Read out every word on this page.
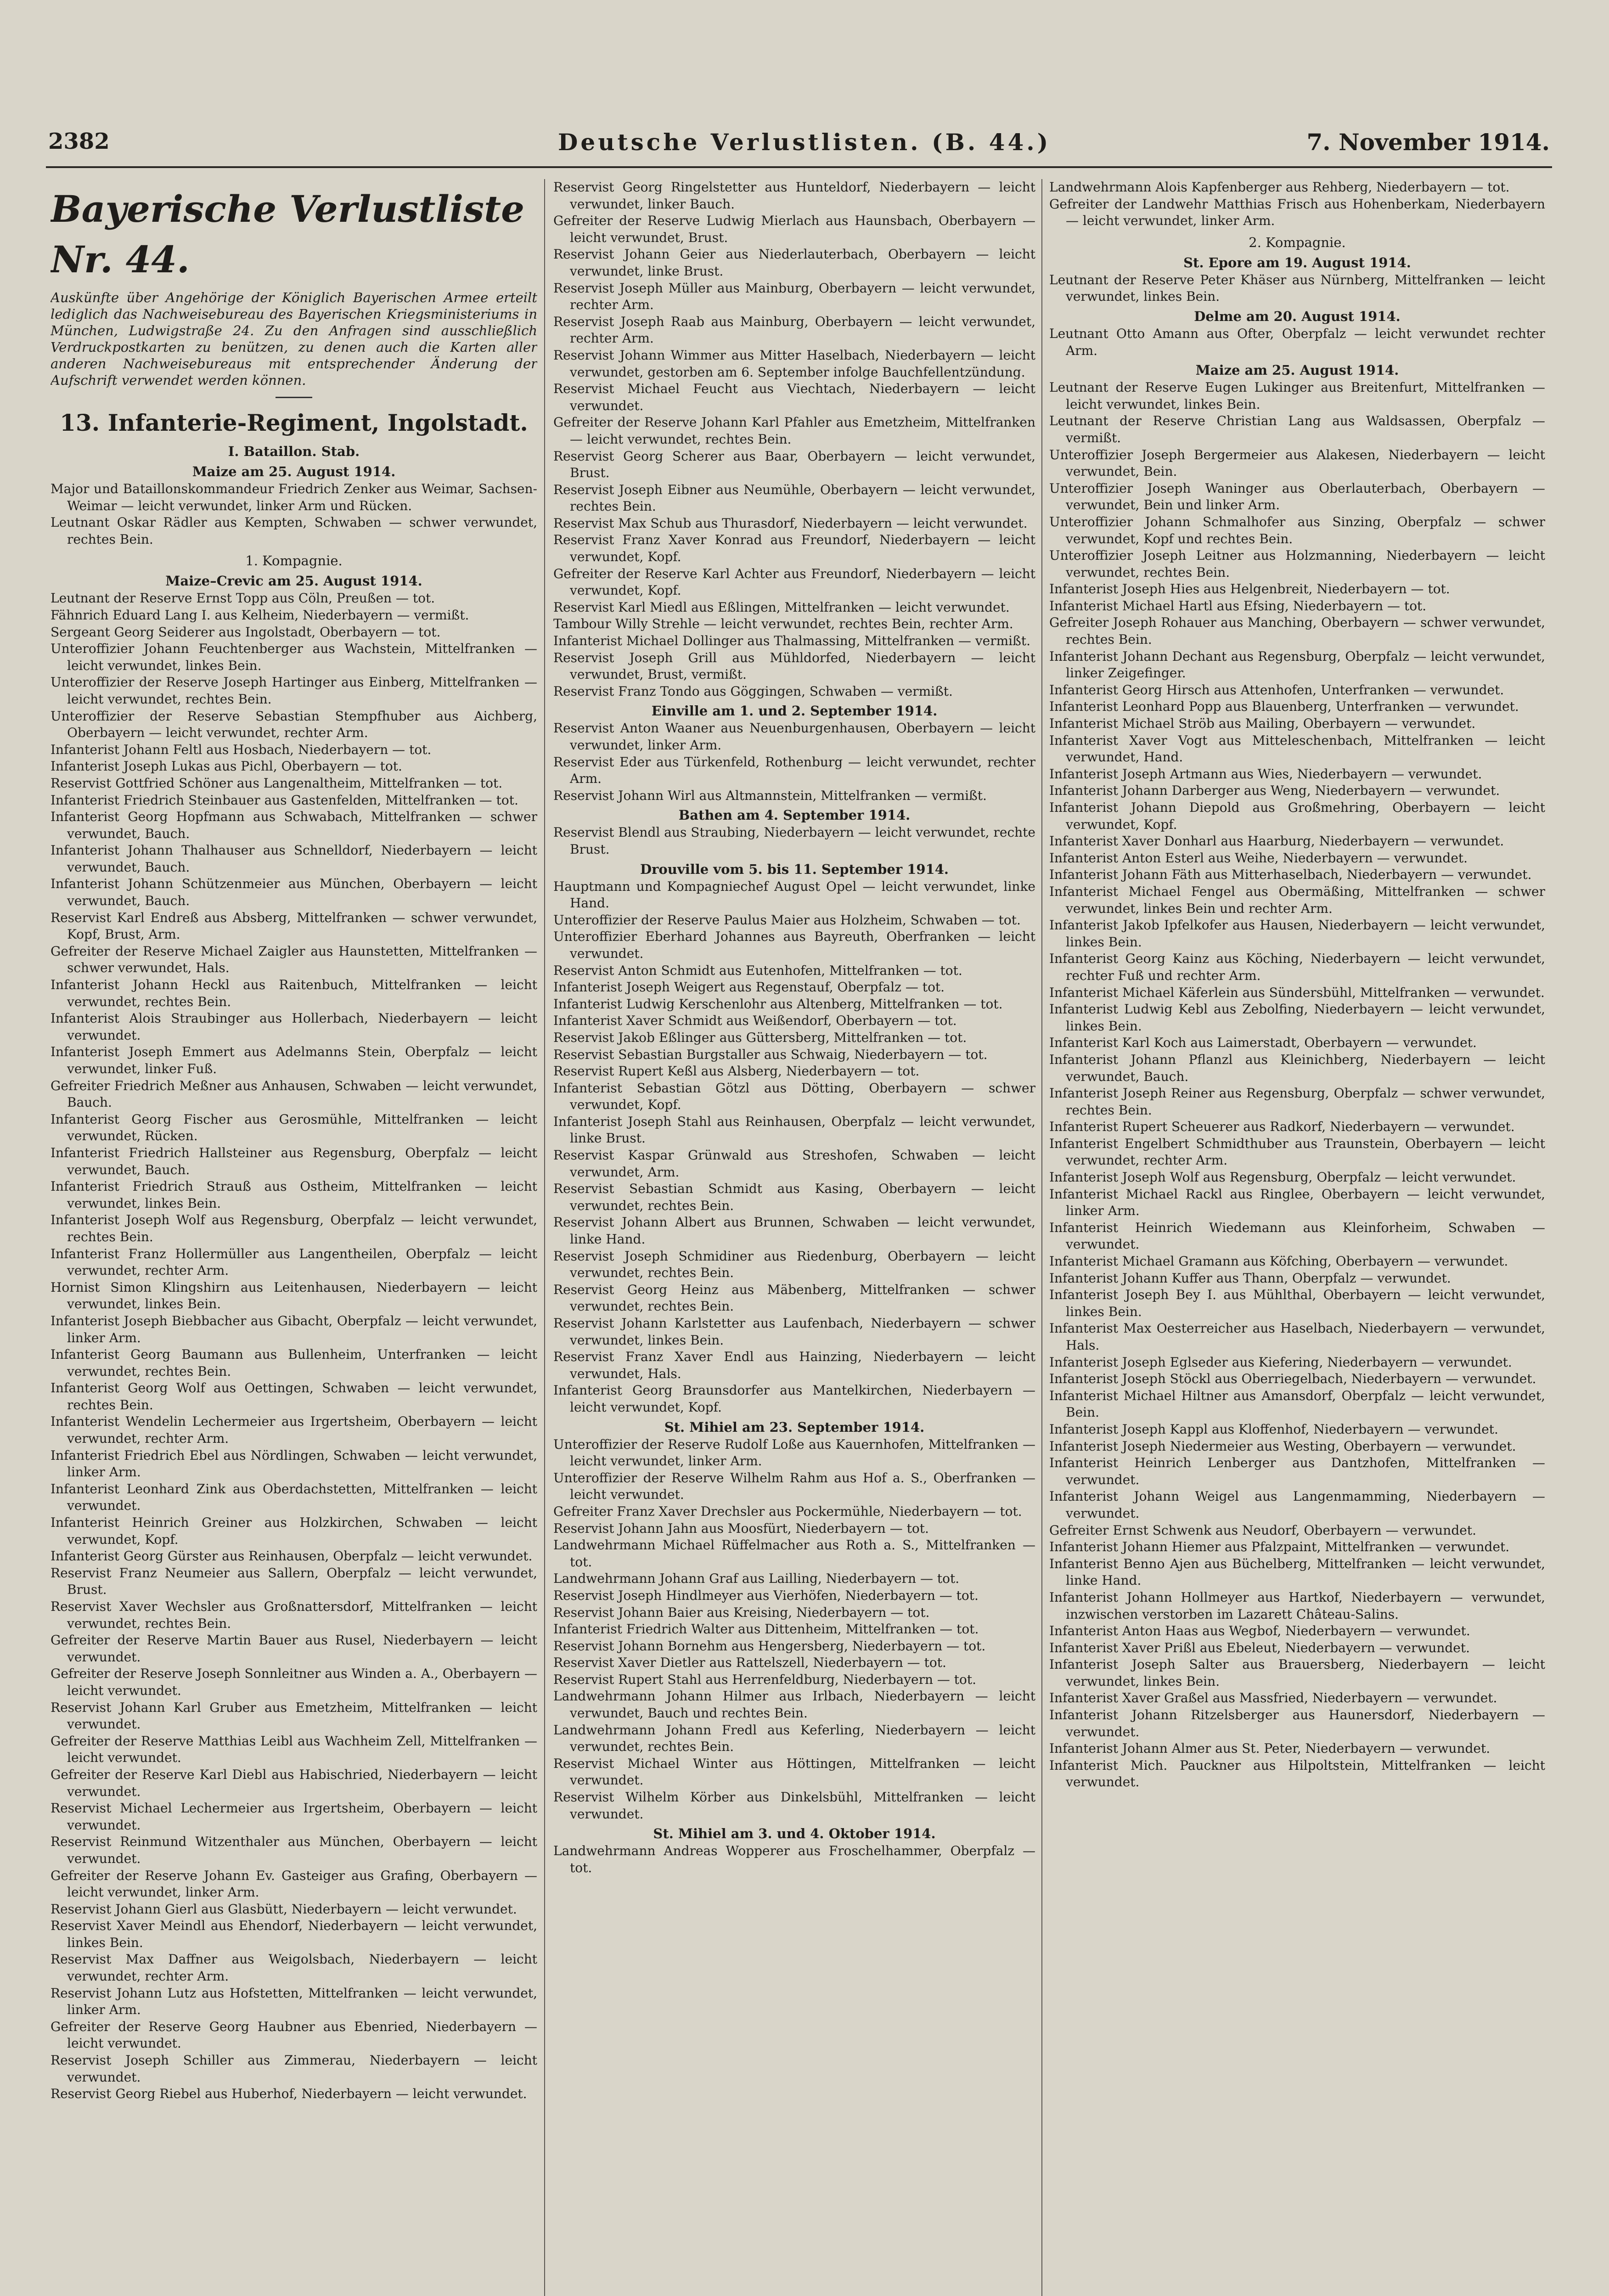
2382	Deutsche Verlustlisten. (B. 44.)	7. November 1914.
Bayerische Verlustliste Nr. 44.
Auskünfte über Angehörige der Königlich Bayerischen Armee erteilt lediglich das Nachweisebureau des Bayerischen Kriegsministeriums in München, Ludwigstraße 24. Zu den Anfragen sind ausschließlich Verdruckpostkarten zu benützen, zu denen auch die Karten aller anderen Nachweisebureaus mit entsprechender Änderung der Aufschrift verwendet werden können.
13. Infanterie-Regiment, Ingolstadt.
I. Bataillon. Stab.
Maize am 25. August 1914.

Major und Bataillonskommandeur Friedrich Zenker aus Weimar, Sachsen-Weimar — leicht verwundet, linker Arm und Rücken.

Leutnant Oskar Rädler aus Kempten, Schwaben — schwer verwundet, rechtes Bein.

1. Kompagnie.
Maize–Crevic am 25. August 1914.

Leutnant der Reserve Ernst Topp aus Cöln, Preußen — tot.

Fähnrich Eduard Lang I. aus Kelheim, Niederbayern — vermißt.

Sergeant Georg Seiderer aus Ingolstadt, Oberbayern — tot.

Unteroffizier Johann Feuchtenberger aus Wachstein, Mittelfranken — leicht verwundet, linkes Bein.

Unteroffizier der Reserve Joseph Hartinger aus Einberg, Mittelfranken — leicht verwundet, rechtes Bein.

Unteroffizier der Reserve Sebastian Stempfhuber aus Aichberg, Oberbayern — leicht verwundet, rechter Arm.

Infanterist Johann Feltl aus Hosbach, Niederbayern — tot.

Infanterist Joseph Lukas aus Pichl, Oberbayern — tot.

Reservist Gottfried Schöner aus Langenaltheim, Mittelfranken — tot.

Infanterist Friedrich Steinbauer aus Gastenfelden, Mittelfranken — tot.

Infanterist Georg Hopfmann aus Schwabach, Mittelfranken — schwer verwundet, Bauch.

Infanterist Johann Thalhauser aus Schnelldorf, Niederbayern — leicht verwundet, Bauch.

Infanterist Johann Schützenmeier aus München, Oberbayern — leicht verwundet, Bauch.

Reservist Karl Endreß aus Absberg, Mittelfranken — schwer verwundet, Kopf, Brust, Arm.

Gefreiter der Reserve Michael Zaigler aus Haunstetten, Mittelfranken — schwer verwundet, Hals.

Infanterist Johann Heckl aus Raitenbuch, Mittelfranken — leicht verwundet, rechtes Bein.

Infanterist Alois Straubinger aus Hollerbach, Niederbayern — leicht verwundet.

Infanterist Joseph Emmert aus Adelmanns Stein, Oberpfalz — leicht verwundet, linker Fuß.

Gefreiter Friedrich Meßner aus Anhausen, Schwaben — leicht verwundet, Bauch.

Infanterist Georg Fischer aus Gerosmühle, Mittelfranken — leicht verwundet, Rücken.

Infanterist Friedrich Hallsteiner aus Regensburg, Oberpfalz — leicht verwundet, Bauch.

Infanterist Friedrich Strauß aus Ostheim, Mittelfranken — leicht verwundet, linkes Bein.

Infanterist Joseph Wolf aus Regensburg, Oberpfalz — leicht verwundet, rechtes Bein.

Infanterist Franz Hollermüller aus Langentheilen, Oberpfalz — leicht verwundet, rechter Arm.

Hornist Simon Klingshirn aus Leitenhausen, Niederbayern — leicht verwundet, linkes Bein.

Infanterist Joseph Biebbacher aus Gibacht, Oberpfalz — leicht verwundet, linker Arm.

Infanterist Georg Baumann aus Bullenheim, Unterfranken — leicht verwundet, rechtes Bein.

Infanterist Georg Wolf aus Oettingen, Schwaben — leicht verwundet, rechtes Bein.

Infanterist Wendelin Lechermeier aus Irgertsheim, Oberbayern — leicht verwundet, rechter Arm.

Infanterist Friedrich Ebel aus Nördlingen, Schwaben — leicht verwundet, linker Arm.

Infanterist Leonhard Zink aus Oberdachstetten, Mittelfranken — leicht verwundet.

Infanterist Heinrich Greiner aus Holzkirchen, Schwaben — leicht verwundet, Kopf.

Infanterist Georg Gürster aus Reinhausen, Oberpfalz — leicht verwundet.

Reservist Franz Neumeier aus Sallern, Oberpfalz — leicht verwundet, Brust.

Reservist Xaver Wechsler aus Großnattersdorf, Mittelfranken — leicht verwundet, rechtes Bein.

Gefreiter der Reserve Martin Bauer aus Rusel, Niederbayern — leicht verwundet.

Gefreiter der Reserve Joseph Sonnleitner aus Winden a. A., Oberbayern — leicht verwundet.

Reservist Johann Karl Gruber aus Emetzheim, Mittelfranken — leicht verwundet.

Gefreiter der Reserve Matthias Leibl aus Wachheim Zell, Mittelfranken — leicht verwundet.

Gefreiter der Reserve Karl Diebl aus Habischried, Niederbayern — leicht verwundet.

Reservist Michael Lechermeier aus Irgertsheim, Oberbayern — leicht verwundet.

Reservist Reinmund Witzenthaler aus München, Oberbayern — leicht verwundet.

Gefreiter der Reserve Johann Ev. Gasteiger aus Grafing, Oberbayern — leicht verwundet, linker Arm.

Reservist Johann Gierl aus Glasbütt, Niederbayern — leicht verwundet.

Reservist Xaver Meindl aus Ehendorf, Niederbayern — leicht verwundet, linkes Bein.

Reservist Max Daffner aus Weigolsbach, Niederbayern — leicht verwundet, rechter Arm.

Reservist Johann Lutz aus Hofstetten, Mittelfranken — leicht verwundet, linker Arm.

Gefreiter der Reserve Georg Haubner aus Ebenried, Niederbayern — leicht verwundet.

Reservist Joseph Schiller aus Zimmerau, Niederbayern — leicht verwundet.

Reservist Georg Riebel aus Huberhof, Niederbayern — leicht verwundet.

Reservist Georg Ringelstetter aus Hunteldorf, Niederbayern — leicht verwundet, linker Bauch.

Gefreiter der Reserve Ludwig Mierlach aus Haunsbach, Oberbayern — leicht verwundet, Brust.

Reservist Johann Geier aus Niederlauterbach, Oberbayern — leicht verwundet, linke Brust.

Reservist Joseph Müller aus Mainburg, Oberbayern — leicht verwundet, rechter Arm.

Reservist Joseph Raab aus Mainburg, Oberbayern — leicht verwundet, rechter Arm.

Reservist Johann Wimmer aus Mitter Haselbach, Niederbayern — leicht verwundet, gestorben am 6. September infolge Bauchfellentzündung.

Reservist Michael Feucht aus Viechtach, Niederbayern — leicht verwundet.

Gefreiter der Reserve Johann Karl Pfahler aus Emetzheim, Mittelfranken — leicht verwundet, rechtes Bein.

Reservist Georg Scherer aus Baar, Oberbayern — leicht verwundet, Brust.

Reservist Joseph Eibner aus Neumühle, Oberbayern — leicht verwundet, rechtes Bein.

Reservist Max Schub aus Thurasdorf, Niederbayern — leicht verwundet.

Reservist Franz Xaver Konrad aus Freundorf, Niederbayern — leicht verwundet, Kopf.

Gefreiter der Reserve Karl Achter aus Freundorf, Niederbayern — leicht verwundet, Kopf.

Reservist Karl Miedl aus Eßlingen, Mittelfranken — leicht verwundet.

Tambour Willy Strehle — leicht verwundet, rechtes Bein, rechter Arm.

Infanterist Michael Dollinger aus Thalmassing, Mittelfranken — vermißt.

Reservist Joseph Grill aus Mühldorfed, Niederbayern — leicht verwundet, Brust, vermißt.

Reservist Franz Tondo aus Göggingen, Schwaben — vermißt.

Einville am 1. und 2. September 1914.

Reservist Anton Waaner aus Neuenburgenhausen, Oberbayern — leicht verwundet, linker Arm.

Reservist Eder aus Türkenfeld, Rothenburg — leicht verwundet, rechter Arm.

Reservist Johann Wirl aus Altmannstein, Mittelfranken — vermißt.

Bathen am 4. September 1914.

Reservist Blendl aus Straubing, Niederbayern — leicht verwundet, rechte Brust.

Drouville vom 5. bis 11. September 1914.

Hauptmann und Kompagniechef August Opel — leicht verwundet, linke Hand.

Unteroffizier der Reserve Paulus Maier aus Holzheim, Schwaben — tot.

Unteroffizier Eberhard Johannes aus Bayreuth, Oberfranken — leicht verwundet.

Reservist Anton Schmidt aus Eutenhofen, Mittelfranken — tot.

Infanterist Joseph Weigert aus Regenstauf, Oberpfalz — tot.

Infanterist Ludwig Kerschenlohr aus Altenberg, Mittelfranken — tot.

Infanterist Xaver Schmidt aus Weißendorf, Oberbayern — tot.

Reservist Jakob Eßlinger aus Güttersberg, Mittelfranken — tot.

Reservist Sebastian Burgstaller aus Schwaig, Niederbayern — tot.

Reservist Rupert Keßl aus Alsberg, Niederbayern — tot.

Infanterist Sebastian Götzl aus Dötting, Oberbayern — schwer verwundet, Kopf.

Infanterist Joseph Stahl aus Reinhausen, Oberpfalz — leicht verwundet, linke Brust.

Reservist Kaspar Grünwald aus Streshofen, Schwaben — leicht verwundet, Arm.

Reservist Sebastian Schmidt aus Kasing, Oberbayern — leicht verwundet, rechtes Bein.

Reservist Johann Albert aus Brunnen, Schwaben — leicht verwundet, linke Hand.

Reservist Joseph Schmidiner aus Riedenburg, Oberbayern — leicht verwundet, rechtes Bein.

Reservist Georg Heinz aus Mäbenberg, Mittelfranken — schwer verwundet, rechtes Bein.

Reservist Johann Karlstetter aus Laufenbach, Niederbayern — schwer verwundet, linkes Bein.

Reservist Franz Xaver Endl aus Hainzing, Niederbayern — leicht verwundet, Hals.

Infanterist Georg Braunsdorfer aus Mantelkirchen, Niederbayern — leicht verwundet, Kopf.

St. Mihiel am 23. September 1914.

Unteroffizier der Reserve Rudolf Loße aus Kauernhofen, Mittelfranken — leicht verwundet, linker Arm.

Unteroffizier der Reserve Wilhelm Rahm aus Hof a. S., Oberfranken — leicht verwundet.

Gefreiter Franz Xaver Drechsler aus Pockermühle, Niederbayern — tot.

Reservist Johann Jahn aus Moosfürt, Niederbayern — tot.

Landwehrmann Michael Rüffelmacher aus Roth a. S., Mittelfranken — tot.

Landwehrmann Johann Graf aus Lailling, Niederbayern — tot.

Reservist Joseph Hindlmeyer aus Vierhöfen, Niederbayern — tot.

Reservist Johann Baier aus Kreising, Niederbayern — tot.

Infanterist Friedrich Walter aus Dittenheim, Mittelfranken — tot.

Reservist Johann Bornehm aus Hengersberg, Niederbayern — tot.

Reservist Xaver Dietler aus Rattelszell, Niederbayern — tot.

Reservist Rupert Stahl aus Herrenfeldburg, Niederbayern — tot.

Landwehrmann Johann Hilmer aus Irlbach, Niederbayern — leicht verwundet, Bauch und rechtes Bein.

Landwehrmann Johann Fredl aus Keferling, Niederbayern — leicht verwundet, rechtes Bein.

Reservist Michael Winter aus Höttingen, Mittelfranken — leicht verwundet.

Reservist Wilhelm Körber aus Dinkelsbühl, Mittelfranken — leicht verwundet.

St. Mihiel am 3. und 4. Oktober 1914.

Landwehrmann Andreas Wopperer aus Froschelhammer, Oberpfalz — tot.

Landwehrmann Alois Kapfenberger aus Rehberg, Niederbayern — tot.

Gefreiter der Landwehr Matthias Frisch aus Hohenberkam, Niederbayern — leicht verwundet, linker Arm.

2. Kompagnie.
St. Epore am 19. August 1914.

Leutnant der Reserve Peter Khäser aus Nürnberg, Mittelfranken — leicht verwundet, linkes Bein.

Delme am 20. August 1914.

Leutnant Otto Amann aus Ofter, Oberpfalz — leicht verwundet rechter Arm.

Maize am 25. August 1914.

Leutnant der Reserve Eugen Lukinger aus Breitenfurt, Mittelfranken — leicht verwundet, linkes Bein.

Leutnant der Reserve Christian Lang aus Waldsassen, Oberpfalz — vermißt.

Unteroffizier Joseph Bergermeier aus Alakesen, Niederbayern — leicht verwundet, Bein.

Unteroffizier Joseph Waninger aus Oberlauterbach, Oberbayern — verwundet, Bein und linker Arm.

Unteroffizier Johann Schmalhofer aus Sinzing, Oberpfalz — schwer verwundet, Kopf und rechtes Bein.

Unteroffizier Joseph Leitner aus Holzmanning, Niederbayern — leicht verwundet, rechtes Bein.

Infanterist Joseph Hies aus Helgenbreit, Niederbayern — tot.

Infanterist Michael Hartl aus Efsing, Niederbayern — tot.

Gefreiter Joseph Rohauer aus Manching, Oberbayern — schwer verwundet, rechtes Bein.

Infanterist Johann Dechant aus Regensburg, Oberpfalz — leicht verwundet, linker Zeigefinger.

Infanterist Georg Hirsch aus Attenhofen, Unterfranken — verwundet.

Infanterist Leonhard Popp aus Blauenberg, Unterfranken — verwundet.

Infanterist Michael Ströb aus Mailing, Oberbayern — verwundet.

Infanterist Xaver Vogt aus Mitteleschenbach, Mittelfranken — leicht verwundet, Hand.

Infanterist Joseph Artmann aus Wies, Niederbayern — verwundet.

Infanterist Johann Darberger aus Weng, Niederbayern — verwundet.

Infanterist Johann Diepold aus Großmehring, Oberbayern — leicht verwundet, Kopf.

Infanterist Xaver Donharl aus Haarburg, Niederbayern — verwundet.

Infanterist Anton Esterl aus Weihe, Niederbayern — verwundet.

Infanterist Johann Fäth aus Mitterhaselbach, Niederbayern — verwundet.

Infanterist Michael Fengel aus Obermäßing, Mittelfranken — schwer verwundet, linkes Bein und rechter Arm.

Infanterist Jakob Ipfelkofer aus Hausen, Niederbayern — leicht verwundet, linkes Bein.

Infanterist Georg Kainz aus Köching, Niederbayern — leicht verwundet, rechter Fuß und rechter Arm.

Infanterist Michael Käferlein aus Sündersbühl, Mittelfranken — verwundet.

Infanterist Ludwig Kebl aus Zebolfing, Niederbayern — leicht verwundet, linkes Bein.

Infanterist Karl Koch aus Laimerstadt, Oberbayern — verwundet.

Infanterist Johann Pflanzl aus Kleinichberg, Niederbayern — leicht verwundet, Bauch.

Infanterist Joseph Reiner aus Regensburg, Oberpfalz — schwer verwundet, rechtes Bein.

Infanterist Rupert Scheuerer aus Radkorf, Niederbayern — verwundet.

Infanterist Engelbert Schmidthuber aus Traunstein, Oberbayern — leicht verwundet, rechter Arm.

Infanterist Joseph Wolf aus Regensburg, Oberpfalz — leicht verwundet.

Infanterist Michael Rackl aus Ringlee, Oberbayern — leicht verwundet, linker Arm.

Infanterist Heinrich Wiedemann aus Kleinforheim, Schwaben — verwundet.

Infanterist Michael Gramann aus Köfching, Oberbayern — verwundet.

Infanterist Johann Kuffer aus Thann, Oberpfalz — verwundet.

Infanterist Joseph Bey I. aus Mühlthal, Oberbayern — leicht verwundet, linkes Bein.

Infanterist Max Oesterreicher aus Haselbach, Niederbayern — verwundet, Hals.

Infanterist Joseph Eglseder aus Kiefering, Niederbayern — verwundet.

Infanterist Joseph Stöckl aus Oberriegelbach, Niederbayern — verwundet.

Infanterist Michael Hiltner aus Amansdorf, Oberpfalz — leicht verwundet, Bein.

Infanterist Joseph Kappl aus Kloffenhof, Niederbayern — verwundet.

Infanterist Joseph Niedermeier aus Westing, Oberbayern — verwundet.

Infanterist Heinrich Lenberger aus Dantzhofen, Mittelfranken — verwundet.

Infanterist Johann Weigel aus Langenmamming, Niederbayern — verwundet.

Gefreiter Ernst Schwenk aus Neudorf, Oberbayern — verwundet.

Infanterist Johann Hiemer aus Pfalzpaint, Mittelfranken — verwundet.

Infanterist Benno Ajen aus Büchelberg, Mittelfranken — leicht verwundet, linke Hand.

Infanterist Johann Hollmeyer aus Hartkof, Niederbayern — verwundet, inzwischen verstorben im Lazarett Château-Salins.

Infanterist Anton Haas aus Wegbof, Niederbayern — verwundet.

Infanterist Xaver Prißl aus Ebeleut, Niederbayern — verwundet.

Infanterist Joseph Salter aus Brauersberg, Niederbayern — leicht verwundet, linkes Bein.

Infanterist Xaver Graßel aus Massfried, Niederbayern — verwundet.

Infanterist Johann Ritzelsberger aus Haunersdorf, Niederbayern — verwundet.

Infanterist Johann Almer aus St. Peter, Niederbayern — verwundet.

Infanterist Mich. Pauckner aus Hilpoltstein, Mittelfranken — leicht verwundet.
